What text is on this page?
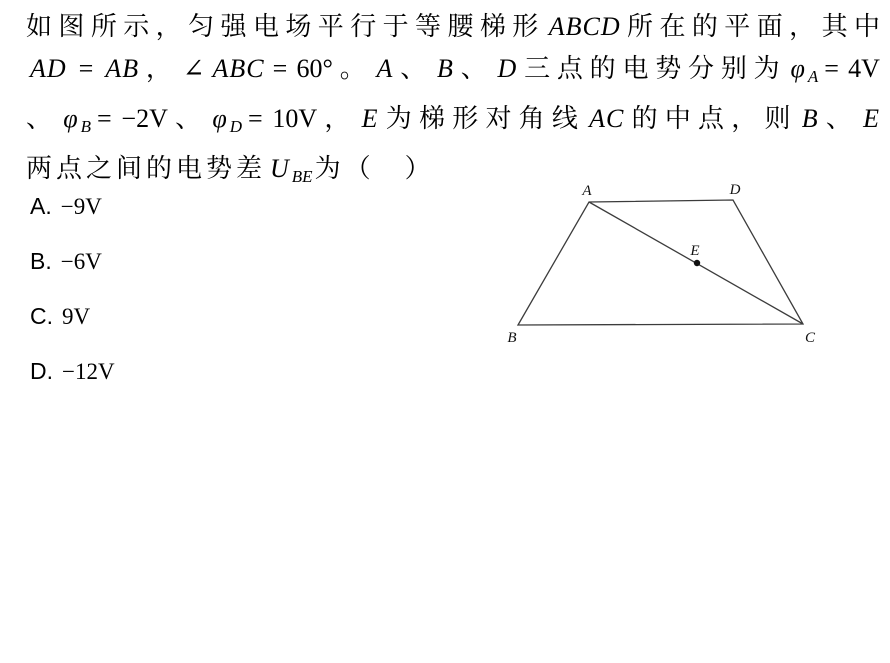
如图所示，匀强电场平行于等腰梯形 ABCD 所在的平面，其中
AD = AB ， ∠ ABC = 60° 。 A 、 B 、 D 三点的电势分别为 φ A = 4V
、 φ B = −2V 、 φ D = 10V ， E 为梯形对角线 AC 的中点，则 B 、 E
两点之间的电势差 U BE为（　）
A. −9V
B. −6V
C. 9V
D. −12V
A	D
B	C
E
